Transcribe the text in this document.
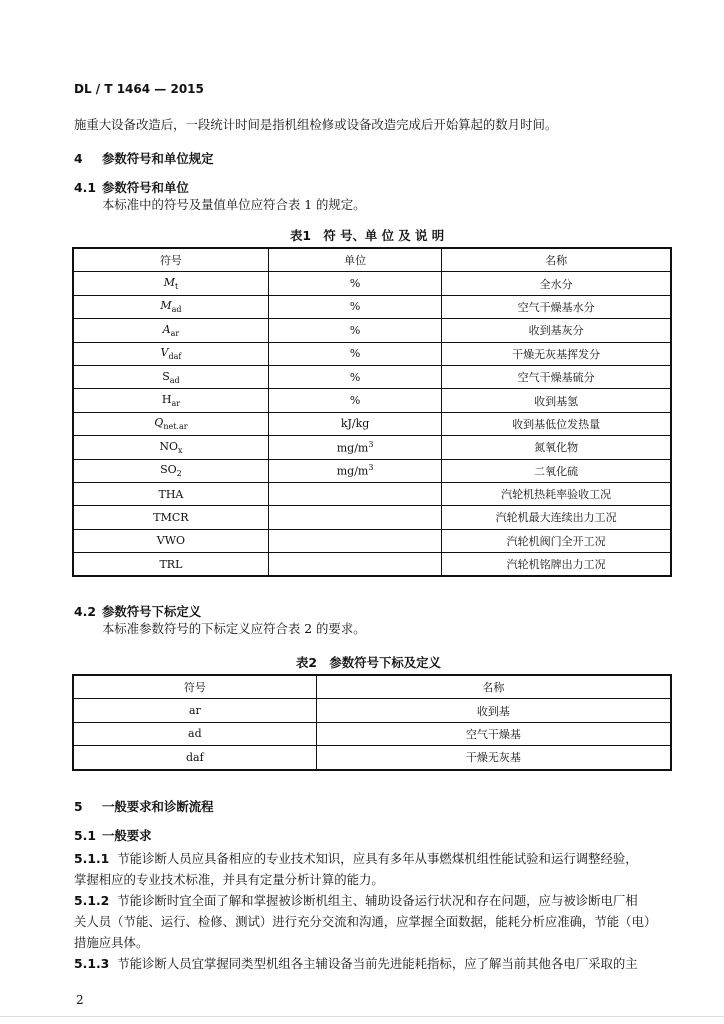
DL / T 1464 — 2015
施重大设备改造后，一段统计时间是指机组检修或设备改造完成后开始算起的数月时间。
4 参数符号和单位规定
4.1 参数符号和单位
本标准中的符号及量值单位应符合表 1 的规定。
表1　符 号、单 位 及 说 明
符号	单位	名称
$M_t$	%	全水分
$M_{ad}$	%	空气干燥基水分
$A_{ar}$	%	收到基灰分
$V_{daf}$	%	干燥无灰基挥发分
$S_{ad}$	%	空气干燥基硫分
$H_{ar}$	%	收到基氢
$Q_{net.ar}$	kJ/kg	收到基低位发热量
$NO_x$	$mg/m^3$	氮氧化物
$SO_2$	$mg/m^3$	二氧化硫
THA		汽轮机热耗率验收工况
TMCR		汽轮机最大连续出力工况
VWO		汽轮机阀门全开工况
TRL		汽轮机铭牌出力工况
4.2 参数符号下标定义
本标准参数符号的下标定义应符合表 2 的要求。
表2　参数符号下标及定义
符号	名称
ar	收到基
ad	空气干燥基
daf	干燥无灰基
5 一般要求和诊断流程
5.1 一般要求
5.1.1 节能诊断人员应具备相应的专业技术知识，应具有多年从事燃煤机组性能试验和运行调整经验，
掌握相应的专业技术标准，并具有定量分析计算的能力。
5.1.2 节能诊断时宜全面了解和掌握被诊断机组主、辅助设备运行状况和存在问题，应与被诊断电厂相
关人员（节能、运行、检修、测试）进行充分交流和沟通，应掌握全面数据，能耗分析应准确，节能（电）
措施应具体。
5.1.3 节能诊断人员宜掌握同类型机组各主辅设备当前先进能耗指标，应了解当前其他各电厂采取的主
2
